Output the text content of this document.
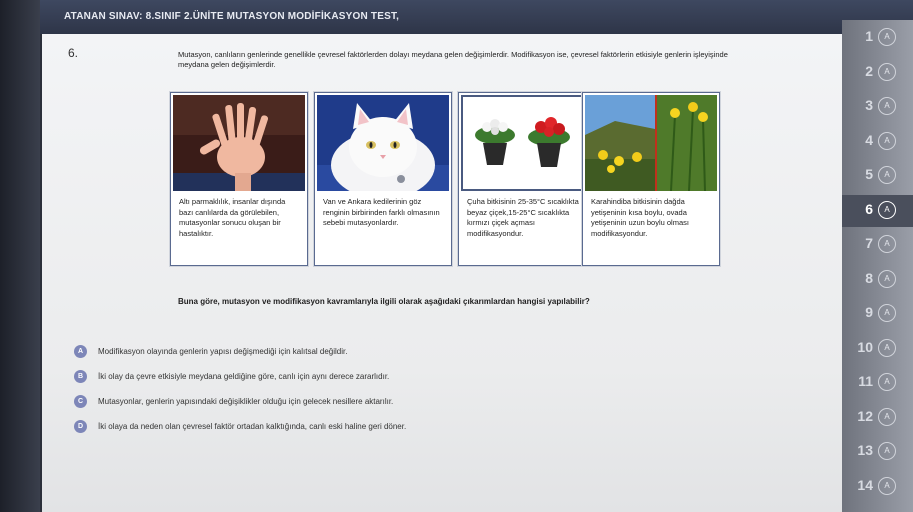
ATANAN SINAV: 8.SINIF 2.ÜNİTE MUTASYON MODİFİKASYON TEST,
6.	Mutasyon, canlıların genlerinde genellikle çevresel faktörlerden dolayı meydana gelen değişimlerdir. Modifikasyon ise, çevresel faktörlerin etkisiyle genlerin işleyişinde meydana gelen değişimlerdir.
Altı parmaklılık, insanlar dışında bazı canlılarda da görülebilen, mutasyonlar sonucu oluşan bir hastalıktır.
Van ve Ankara kedilerinin göz renginin birbirinden farklı olmasının sebebi mutasyonlardır.
Çuha bitkisinin 25-35°C sıcaklıkta beyaz çiçek,15-25°C sıcaklıkta kırmızı çiçek açması modifikasyondur.
Karahindiba bitkisinin dağda yetişeninin kısa boylu, ovada yetişeninin uzun boylu olması modifikasyondur.
Buna göre, mutasyon ve modifikasyon kavramlarıyla ilgili olarak aşağıdaki çıkarımlardan hangisi yapılabilir?
A	Modifikasyon olayında genlerin yapısı değişmediği için kalıtsal değildir.
B	İki olay da çevre etkisiyle meydana geldiğine göre, canlı için aynı derece zararlıdır.
C	Mutasyonlar, genlerin yapısındaki değişiklikler olduğu için gelecek nesillere aktarılır.
D	İki olaya da neden olan çevresel faktör ortadan kalktığında, canlı eski haline geri döner.
1	A
2	A
3	A
4	A
5	A
6	A
7	A
8	A
9	A
10	A
11	A
12	A
13	A
14	A
